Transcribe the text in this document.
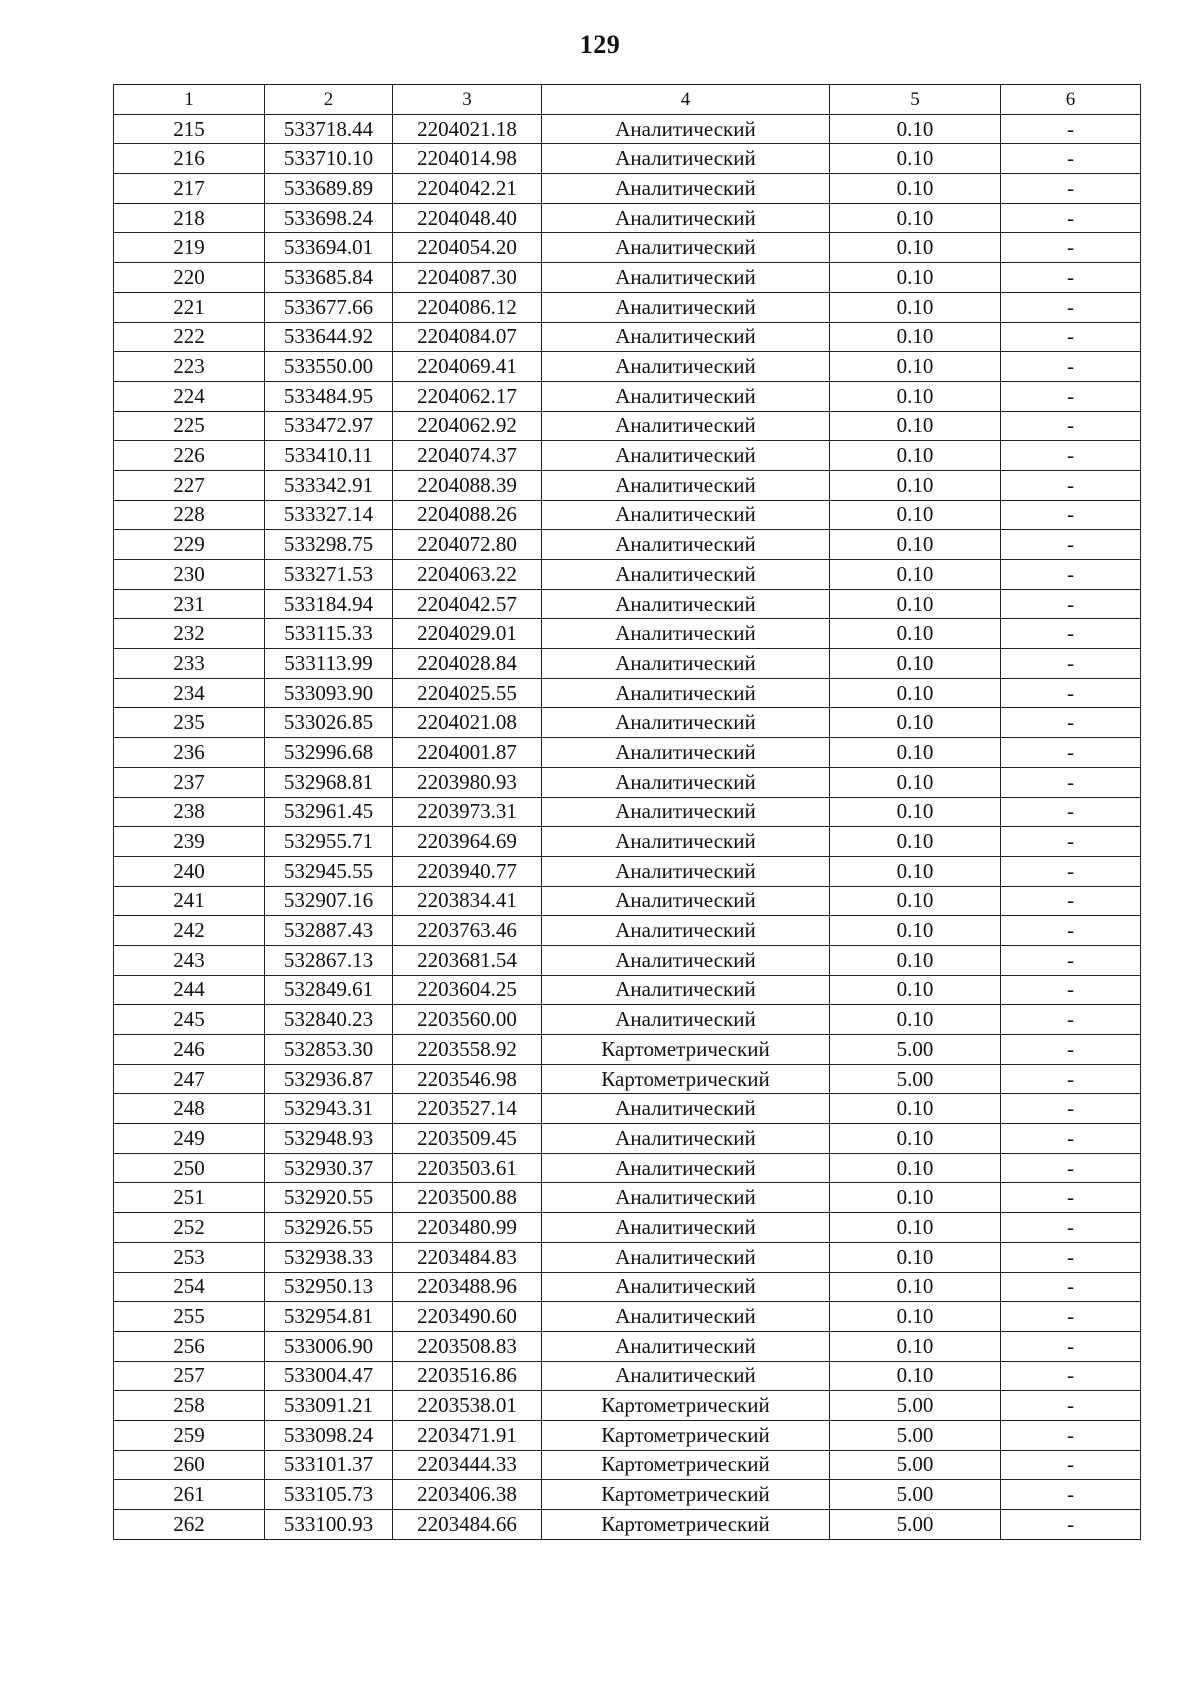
129
1	2	3	4	5	6
215	533718.44	2204021.18	Аналитический	0.10	-
216	533710.10	2204014.98	Аналитический	0.10	-
217	533689.89	2204042.21	Аналитический	0.10	-
218	533698.24	2204048.40	Аналитический	0.10	-
219	533694.01	2204054.20	Аналитический	0.10	-
220	533685.84	2204087.30	Аналитический	0.10	-
221	533677.66	2204086.12	Аналитический	0.10	-
222	533644.92	2204084.07	Аналитический	0.10	-
223	533550.00	2204069.41	Аналитический	0.10	-
224	533484.95	2204062.17	Аналитический	0.10	-
225	533472.97	2204062.92	Аналитический	0.10	-
226	533410.11	2204074.37	Аналитический	0.10	-
227	533342.91	2204088.39	Аналитический	0.10	-
228	533327.14	2204088.26	Аналитический	0.10	-
229	533298.75	2204072.80	Аналитический	0.10	-
230	533271.53	2204063.22	Аналитический	0.10	-
231	533184.94	2204042.57	Аналитический	0.10	-
232	533115.33	2204029.01	Аналитический	0.10	-
233	533113.99	2204028.84	Аналитический	0.10	-
234	533093.90	2204025.55	Аналитический	0.10	-
235	533026.85	2204021.08	Аналитический	0.10	-
236	532996.68	2204001.87	Аналитический	0.10	-
237	532968.81	2203980.93	Аналитический	0.10	-
238	532961.45	2203973.31	Аналитический	0.10	-
239	532955.71	2203964.69	Аналитический	0.10	-
240	532945.55	2203940.77	Аналитический	0.10	-
241	532907.16	2203834.41	Аналитический	0.10	-
242	532887.43	2203763.46	Аналитический	0.10	-
243	532867.13	2203681.54	Аналитический	0.10	-
244	532849.61	2203604.25	Аналитический	0.10	-
245	532840.23	2203560.00	Аналитический	0.10	-
246	532853.30	2203558.92	Картометрический	5.00	-
247	532936.87	2203546.98	Картометрический	5.00	-
248	532943.31	2203527.14	Аналитический	0.10	-
249	532948.93	2203509.45	Аналитический	0.10	-
250	532930.37	2203503.61	Аналитический	0.10	-
251	532920.55	2203500.88	Аналитический	0.10	-
252	532926.55	2203480.99	Аналитический	0.10	-
253	532938.33	2203484.83	Аналитический	0.10	-
254	532950.13	2203488.96	Аналитический	0.10	-
255	532954.81	2203490.60	Аналитический	0.10	-
256	533006.90	2203508.83	Аналитический	0.10	-
257	533004.47	2203516.86	Аналитический	0.10	-
258	533091.21	2203538.01	Картометрический	5.00	-
259	533098.24	2203471.91	Картометрический	5.00	-
260	533101.37	2203444.33	Картометрический	5.00	-
261	533105.73	2203406.38	Картометрический	5.00	-
262	533100.93	2203484.66	Картометрический	5.00	-
